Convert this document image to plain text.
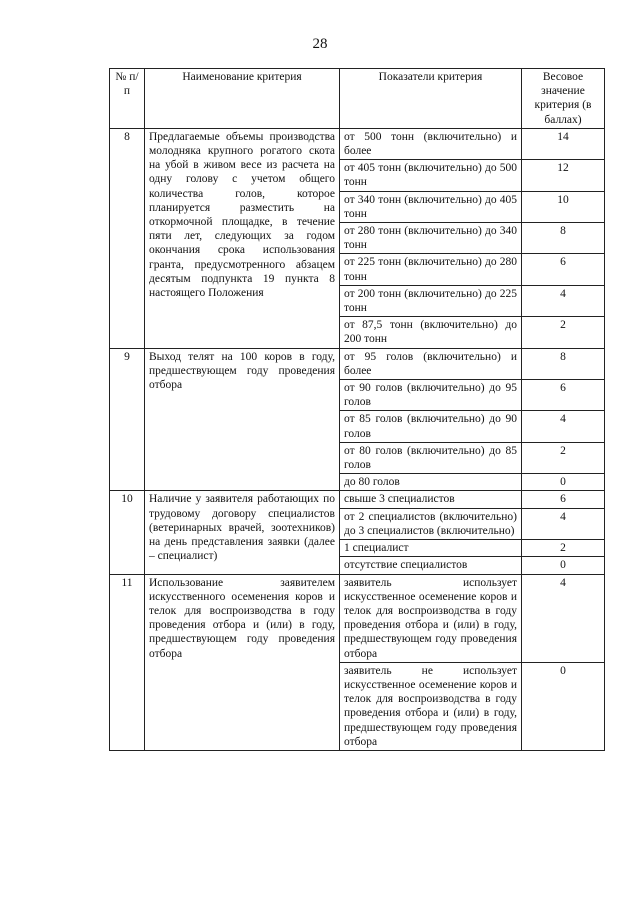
28
№ п/п	Наименование критерия	Показатели критерия	Весовое значение критерия (в баллах)
8	Предлагаемые объемы производства молодняка крупного рогатого скота на убой в живом весе из расчета на одну голову с учетом общего количества голов, которое планируется разместить на откормочной площадке, в течение пяти лет, следующих за годом окончания срока использования гранта, предусмотренного абзацем десятым подпункта 19 пункта 8 настоящего Положения	от 500 тонн (включительно) и более	14
		от 405 тонн (включительно) до 500 тонн	12
		от 340 тонн (включительно) до 405 тонн	10
		от 280 тонн (включительно) до 340 тонн	8
		от 225 тонн (включительно) до 280 тонн	6
		от 200 тонн (включительно) до 225 тонн	4
		от 87,5 тонн (включительно) до 200 тонн	2
9	Выход телят на 100 коров в году, предшествующем году проведения отбора	от 95 голов (включительно) и более	8
		от 90 голов (включительно) до 95 голов	6
		от 85 голов (включительно) до 90 голов	4
		от 80 голов (включительно) до 85 голов	2
		до 80 голов	0
10	Наличие у заявителя работающих по трудовому договору специалистов (ветеринарных врачей, зоотехников) на день представления заявки (далее – специалист)	свыше 3 специалистов	6
		от 2 специалистов (включительно) до 3 специалистов (включительно)	4
		1 специалист	2
		отсутствие специалистов	0
11	Использование заявителем искусственного осеменения коров и телок для воспроизводства в году проведения отбора и (или) в году, предшествующем году проведения отбора	заявитель использует искусственное осеменение коров и телок для воспроизводства в году проведения отбора и (или) в году, предшествующем году проведения отбора	4
		заявитель не использует искусственное осеменение коров и телок для воспроизводства в году проведения отбора и (или) в году, предшествующем году проведения отбора	0
